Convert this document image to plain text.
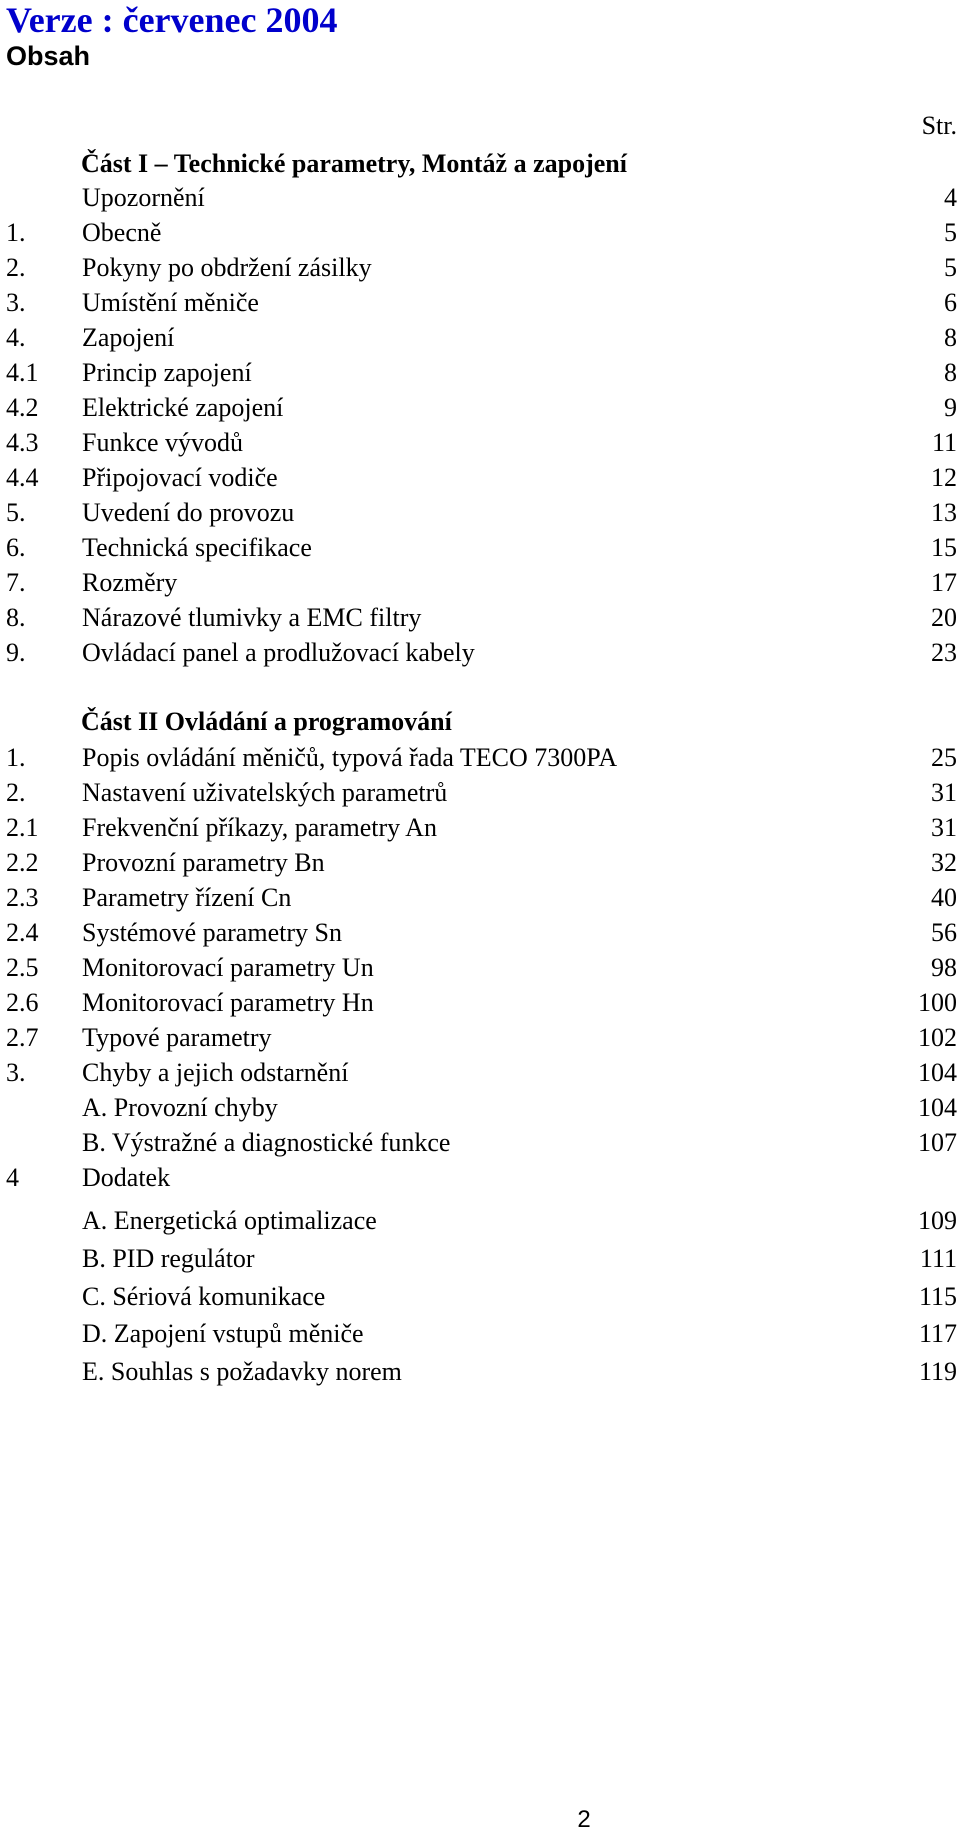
Verze : červenec 2004
Obsah
Str.
Část I – Technické parametry, Montáž a zapojení
Upozornění	4
1. Obecně	5
2. Pokyny po obdržení zásilky	5
3. Umístění měniče	6
4. Zapojení	8
4.1 Princip zapojení	8
4.2 Elektrické zapojení	9
4.3 Funkce vývodů	11
4.4 Připojovací vodiče	12
5. Uvedení do provozu	13
6. Technická specifikace	15
7. Rozměry	17
8. Nárazové tlumivky a EMC filtry	20
9. Ovládací panel a prodlužovací kabely	23
Část II Ovládání a programování
1. Popis ovládání měničů, typová řada TECO 7300PA	25
2. Nastavení uživatelských parametrů	31
2.1 Frekvenční příkazy, parametry An	31
2.2 Provozní parametry Bn	32
2.3 Parametry řízení Cn	40
2.4 Systémové parametry Sn	56
2.5 Monitorovací parametry Un	98
2.6 Monitorovací parametry Hn	100
2.7 Typové parametry	102
3. Chyby a jejich odstarnění	104
A. Provozní chyby	104
B. Výstražné a diagnostické funkce	107
4 Dodatek
A. Energetická optimalizace	109
B. PID regulátor	111
C. Sériová komunikace	115
D. Zapojení vstupů měniče	117
E. Souhlas s požadavky norem	119
2
